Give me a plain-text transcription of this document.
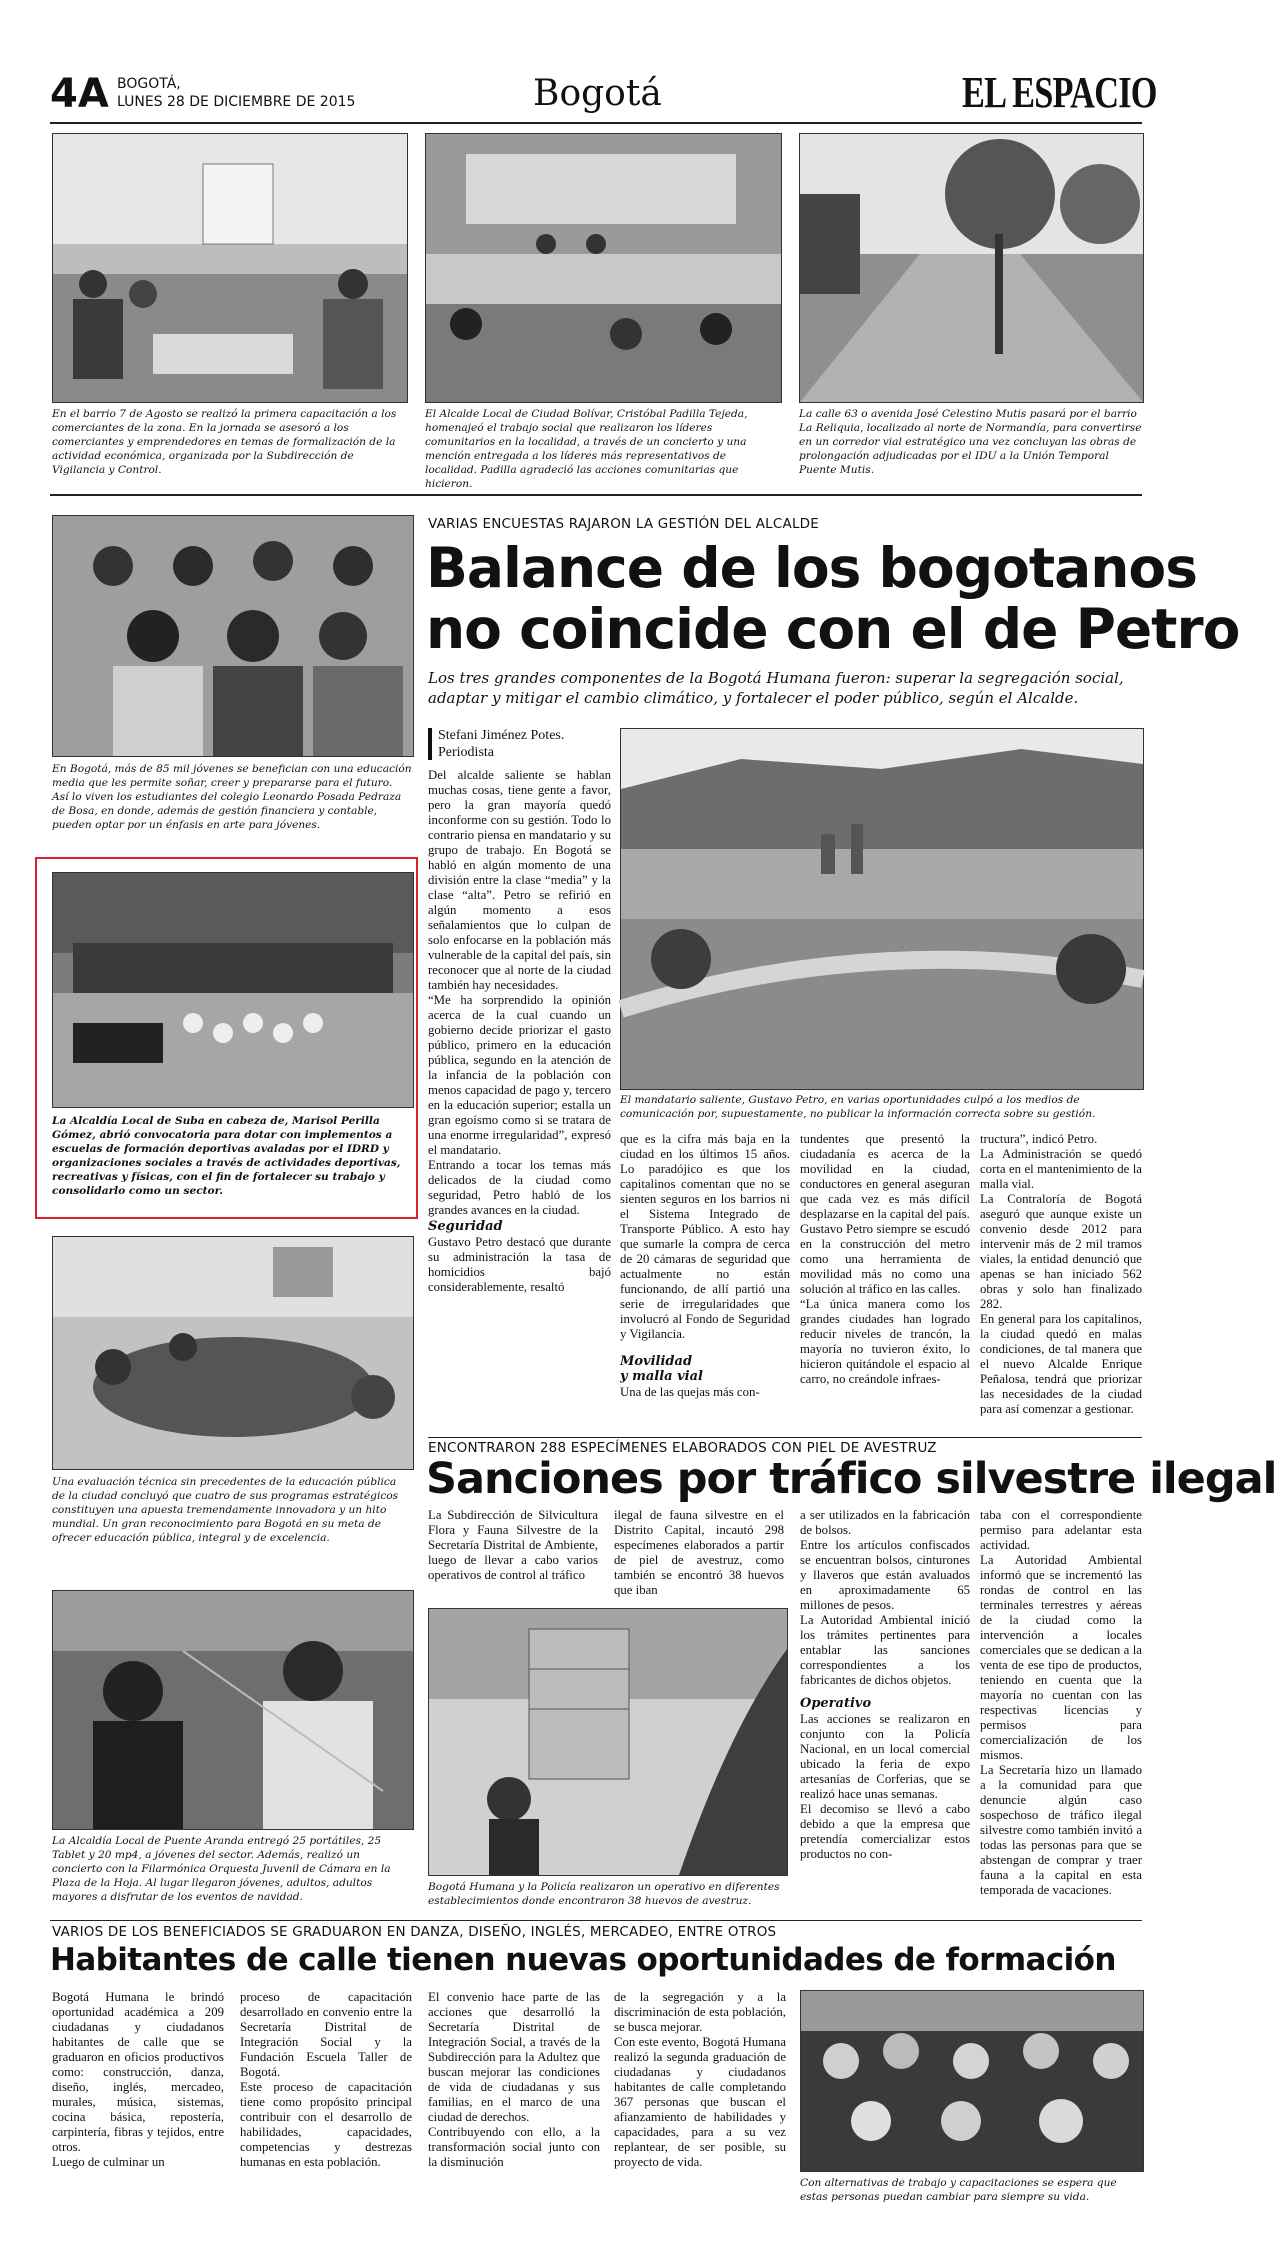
4A BOGOTÁ,
LUNES 28 DE DICIEMBRE DE 2015	Bogotá	EL ESPACIO
En el barrio 7 de Agosto se realizó la primera capacitación a los comerciantes de la zona. En la jornada se asesoró a los comerciantes y emprendedores en temas de formalización de la actividad económica, organizada por la Subdirección de Vigilancia y Control.
El Alcalde Local de Ciudad Bolívar, Cristóbal Padilla Tejeda, homenajeó el trabajo social que realizaron los líderes comunitarios en la localidad, a través de un concierto y una mención entregada a los líderes más representativos de localidad. Padilla agradeció las acciones comunitarias que hicieron.
La calle 63 o avenida José Celestino Mutis pasará por el barrio La Reliquia, localizado al norte de Normandía, para convertirse en un corredor vial estratégico una vez concluyan las obras de prolongación adjudicadas por el IDU a la Unión Temporal Puente Mutis.
En Bogotá, más de 85 mil jóvenes se benefician con una educación media que les permite soñar, creer y prepararse para el futuro. Así lo viven los estudiantes del colegio Leonardo Posada Pedraza de Bosa, en donde, además de gestión financiera y contable, pueden optar por un énfasis en arte para jóvenes.
La Alcaldía Local de Suba en cabeza de, Marisol Perilla Gómez, abrió convocatoria para dotar con implementos a escuelas de formación deportivas avaladas por el IDRD y organizaciones sociales a través de actividades deportivas, recreativas y físicas, con el fin de fortalecer su trabajo y consolidarlo como un sector.
Una evaluación técnica sin precedentes de la educación pública de la ciudad concluyó que cuatro de sus programas estratégicos constituyen una apuesta tremendamente innovadora y un hito mundial. Un gran reconocimiento para Bogotá en su meta de ofrecer educación pública, integral y de excelencia.
La Alcaldía Local de Puente Aranda entregó 25 portátiles, 25 Tablet y 20 mp4, a jóvenes del sector. Además, realizó un concierto con la Filarmónica Orquesta Juvenil de Cámara en la Plaza de la Hoja. Al lugar llegaron jóvenes, adultos, adultos mayores a disfrutar de los eventos de navidad.
VARIAS ENCUESTAS RAJARON LA GESTIÓN DEL ALCALDE
Balance de los bogotanos
no coincide con el de Petro
Los tres grandes componentes de la Bogotá Humana fueron: superar la segregación social, adaptar y mitigar el cambio climático, y fortalecer el poder público, según el Alcalde.
Stefani Jiménez Potes.
Periodista

Del alcalde saliente se hablan muchas cosas, tiene gente a favor, pero la gran mayoría quedó inconforme con su gestión. Todo lo contrario piensa en mandatario y su grupo de trabajo. En Bogotá se habló en algún momento de una división entre la clase “media” y la clase “alta”. Petro se refirió en algún momento a esos señalamientos que lo culpan de solo enfocarse en la población más vulnerable de la capital del país, sin reconocer que al norte de la ciudad también hay necesidades.

“Me ha sorprendido la opinión acerca de la cual cuando un gobierno decide priorizar el gasto público, primero en la educación pública, segundo en la atención de la infancia de la población con menos capacidad de pago y, tercero en la educación superior; estalla un gran egoísmo como si se tratara de una enorme irregularidad”, expresó el mandatario.

Entrando a tocar los temas más delicados de la ciudad como seguridad, Petro habló de los grandes avances en la ciudad.

Seguridad

Gustavo Petro destacó que durante su administración la tasa de homicidios bajó considerablemente, resaltó

El mandatario saliente, Gustavo Petro, en varias oportunidades culpó a los medios de comunicación por, supuestamente, no publicar la información correcta sobre su gestión.

que es la cifra más baja en la ciudad en los últimos 15 años. Lo paradójico es que los capitalinos comentan que no se sienten seguros en los barrios ni el Sistema Integrado de Transporte Público. A esto hay que sumarle la compra de cerca de 20 cámaras de seguridad que actualmente no están funcionando, de allí partió una serie de irregularidades que involucró al Fondo de Seguridad y Vigilancia.

Movilidad

y malla vial

Una de las quejas más con-

tundentes que presentó la ciudadanía es acerca de la movilidad en la ciudad, conductores en general aseguran que cada vez es más difícil desplazarse en la capital del país.

Gustavo Petro siempre se escudó en la construcción del metro como una herramienta de movilidad más no como una solución al tráfico en las calles.

“La única manera como los grandes ciudades han logrado reducir niveles de trancón, la mayoría no tuvieron éxito, lo hicieron quitándole el espacio al carro, no creándole infraes-

tructura”, indicó Petro.

La Administración se quedó corta en el mantenimiento de la malla vial.

La Contraloría de Bogotá aseguró que aunque existe un convenio desde 2012 para intervenir más de 2 mil tramos viales, la entidad denunció que apenas se han iniciado 562 obras y solo han finalizado 282.

En general para los capitalinos, la ciudad quedó en malas condiciones, de tal manera que el nuevo Alcalde Enrique Peñalosa, tendrá que priorizar las necesidades de la ciudad para así comenzar a gestionar.

ENCONTRARON 288 ESPECÍMENES ELABORADOS CON PIEL DE AVESTRUZ
Sanciones por tráfico silvestre ilegal

La Subdirección de Silvicultura Flora y Fauna Silvestre de la Secretaría Distrital de Ambiente, luego de llevar a cabo varios operativos de control al tráfico

ilegal de fauna silvestre en el Distrito Capital, incautó 298 especímenes elaborados a partir de piel de avestruz, como también se encontró 38 huevos que iban

Bogotá Humana y la Policía realizaron un operativo en diferentes establecimientos donde encontraron 38 huevos de avestruz.

a ser utilizados en la fabricación de bolsos.

Entre los artículos confiscados se encuentran bolsos, cinturones y llaveros que están avaluados en aproximadamente 65 millones de pesos.

La Autoridad Ambiental inició los trámites pertinentes para entablar las sanciones correspondientes a los fabricantes de dichos objetos.

Operativo

Las acciones se realizaron en conjunto con la Policía Nacional, en un local comercial ubicado la feria de expo artesanías de Corferias, que se realizó hace unas semanas.

El decomiso se llevó a cabo debido a que la empresa que pretendía comercializar estos productos no con-

taba con el correspondiente permiso para adelantar esta actividad.

La Autoridad Ambiental informó que se incrementó las rondas de control en las terminales terrestres y aéreas de la ciudad como la intervención a locales comerciales que se dedican a la venta de ese tipo de productos, teniendo en cuenta que la mayoría no cuentan con las respectivas licencias y permisos para comercialización de los mismos.

La Secretaría hizo un llamado a la comunidad para que denuncie algún caso sospechoso de tráfico ilegal silvestre como también invitó a todas las personas para que se abstengan de comprar y traer fauna a la capital en esta temporada de vacaciones.

VARIOS DE LOS BENEFICIADOS SE GRADUARON EN DANZA, DISEÑO, INGLÉS, MERCADEO, ENTRE OTROS
Habitantes de calle tienen nuevas oportunidades de formación

Bogotá Humana le brindó oportunidad académica a 209 ciudadanas y ciudadanos habitantes de calle que se graduaron en oficios productivos como: construcción, danza, diseño, inglés, mercadeo, murales, música, sistemas, cocina básica, repostería, carpintería, fibras y tejidos, entre otros.

Luego de culminar un

proceso de capacitación desarrollado en convenio entre la Secretaría Distrital de Integración Social y la Fundación Escuela Taller de Bogotá.

Este proceso de capacitación tiene como propósito principal contribuir con el desarrollo de habilidades, capacidades, competencias y destrezas humanas en esta población.

El convenio hace parte de las acciones que desarrolló la Secretaría Distrital de Integración Social, a través de la Subdirección para la Adultez que buscan mejorar las condiciones de vida de ciudadanas y sus familias, en el marco de una ciudad de derechos.

Contribuyendo con ello, a la transformación social junto con la disminución

de la segregación y a la discriminación de esta población, se busca mejorar.

Con este evento, Bogotá Humana realizó la segunda graduación de ciudadanas y ciudadanos habitantes de calle completando 367 personas que buscan el afianzamiento de habilidades y capacidades, para a su vez replantear, de ser posible, su proyecto de vida.

Con alternativas de trabajo y capacitaciones se espera que estas personas puedan cambiar para siempre su vida.
